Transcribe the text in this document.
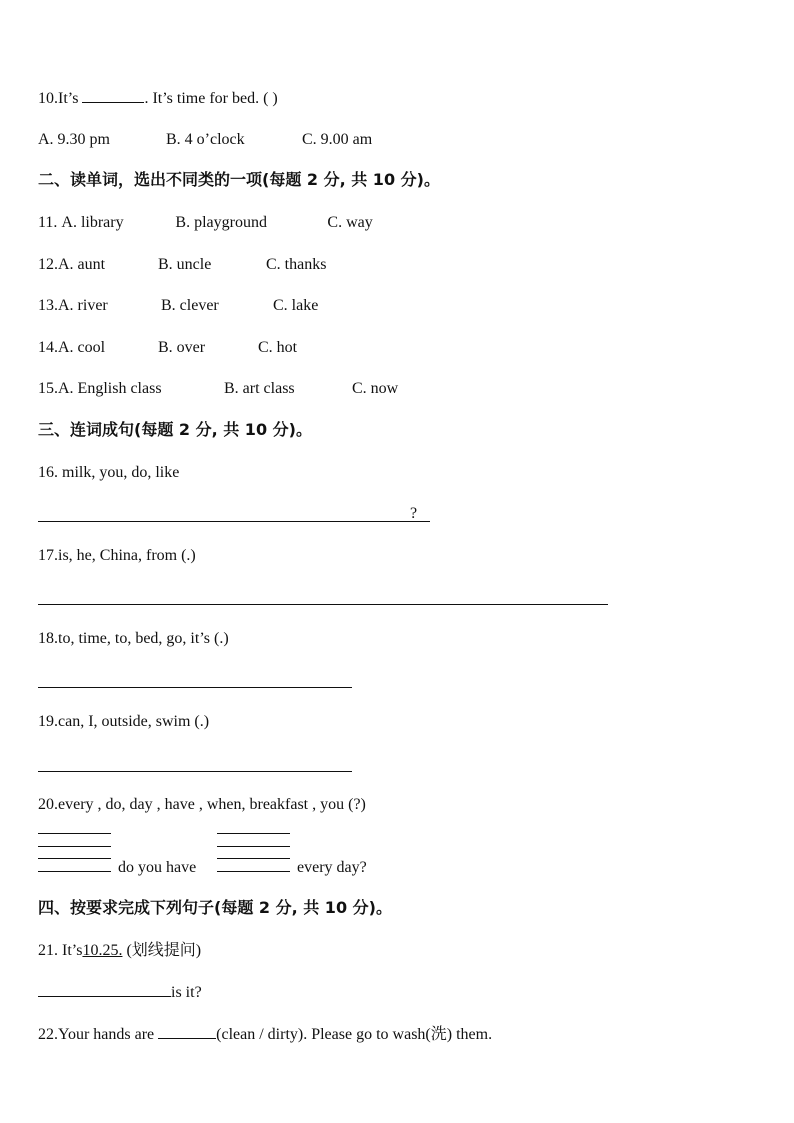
10.It’s	. It’s time for bed. ( )
A. 9.30 pm	B. 4 o’clock	C. 9.00 am
二、读单词，选出不同类的一项(每题 2 分, 共 10 分)。
11. A. library	B. playground	C. way
12.A. aunt	B. uncle	C. thanks
13.A. river	B. clever	C. lake
14.A. cool	B. over	C. hot
15.A. English class	B. art class	C. now
三、连词成句(每题 2 分, 共 10 分)。
16. milk, you, do, like
?
17.is, he, China, from (.)
18.to, time, to, bed, go, it’s (.)
19.can, I, outside, swim (.)
20.every , do, day , have , when, breakfast , you (?)
do you have	every day?
四、按要求完成下列句子(每题 2 分, 共 10 分)。
21. It’s10.25. (划线提问)
is it?
22.Your hands are	(clean / dirty). Please go to wash(洗) them.
